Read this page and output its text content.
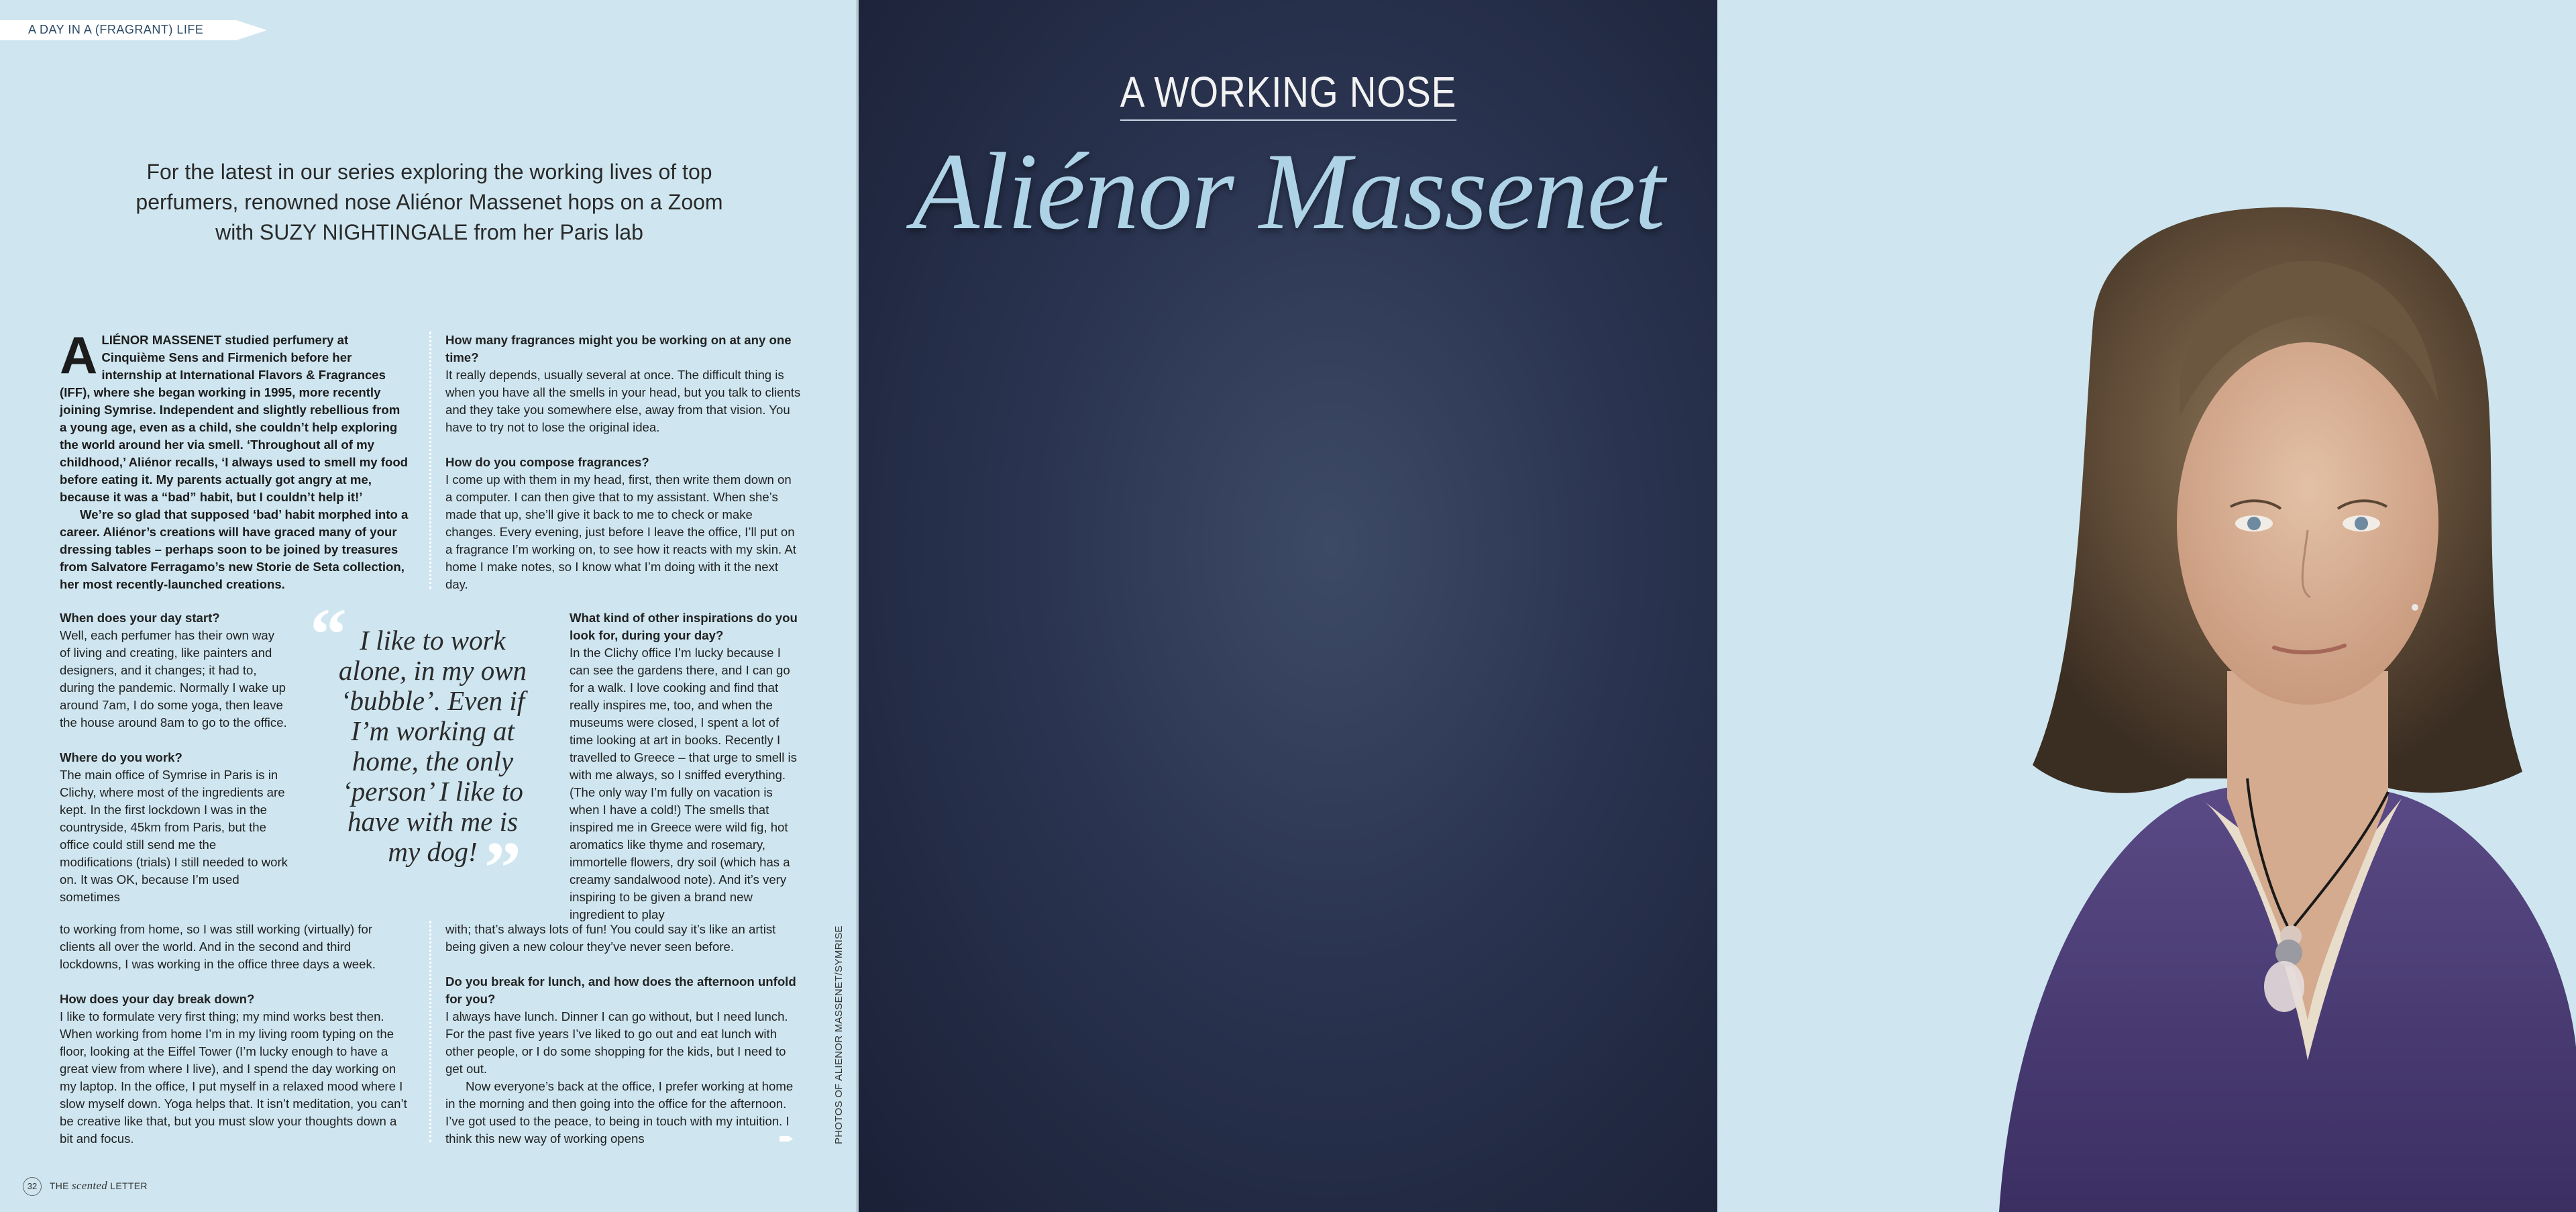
A DAY IN A (FRAGRANT) LIFE
For the latest in our series exploring the working lives of top perfumers, renowned nose Aliénor Massenet hops on a Zoom with SUZY NIGHTINGALE from her Paris lab

ALIÉNOR MASSENET studied perfumery at Cinquième Sens and Firmenich before her internship at International Flavors & Fragrances (IFF), where she began working in 1995, more recently joining Symrise. Independent and slightly rebellious from a young age, even as a child, she couldn’t help exploring the world around her via smell. ‘Throughout all of my childhood,’ Aliénor recalls, ‘I always used to smell my food before eating it. My parents actually got angry at me, because it was a “bad” habit, but I couldn’t help it!’

We’re so glad that supposed ‘bad’ habit morphed into a career. Aliénor’s creations will have graced many of your dressing tables – perhaps soon to be joined by treasures from Salvatore Ferragamo’s new Storie de Seta collection, her most recently-launched creations.

When does your day start?

Well, each perfumer has their own way of living and creating, like painters and designers, and it changes; it had to, during the pandemic. Normally I wake up around 7am, I do some yoga, then leave the house around 8am to go to the office.

Where do you work?

The main office of Symrise in Paris is in Clichy, where most of the ingredients are kept. In the first lockdown I was in the countryside, 45km from Paris, but the office could still send me the modifications (trials) I still needed to work on. It was OK, because I’m used sometimes

to working from home, so I was still working (virtually) for clients all over the world. And in the second and third lockdowns, I was working in the office three days a week.

How does your day break down?

I like to formulate very first thing; my mind works best then. When working from home I’m in my living room typing on the floor, looking at the Eiffel Tower (I’m lucky enough to have a great view from where I live), and I spend the day working on my laptop. In the office, I put myself in a relaxed mood where I slow myself down. Yoga helps that. It isn’t meditation, you can’t be creative like that, but you must slow your thoughts down a bit and focus.

How many fragrances might you be working on at any one time?

It really depends, usually several at once. The difficult thing is when you have all the smells in your head, but you talk to clients and they take you somewhere else, away from that vision. You have to try not to lose the original idea.

How do you compose fragrances?

I come up with them in my head, first, then write them down on a computer. I can then give that to my assistant. When she’s made that up, she’ll give it back to me to check or make changes. Every evening, just before I leave the office, I’ll put on a fragrance I’m working on, to see how it reacts with my skin. At home I make notes, so I know what I’m doing with it the next day.

What kind of other inspirations do you look for, during your day?

In the Clichy office I’m lucky because I can see the gardens there, and I can go for a walk. I love cooking and find that really inspires me, too, and when the museums were closed, I spent a lot of time looking at art in books. Recently I travelled to Greece – that urge to smell is with me always, so I sniffed everything. (The only way I’m fully on vacation is when I have a cold!) The smells that inspired me in Greece were wild fig, hot aromatics like thyme and rosemary, immortelle flowers, dry soil (which has a creamy sandalwood note). And it’s very inspiring to be given a brand new ingredient to play

with; that’s always lots of fun! You could say it’s like an artist being given a new colour they’ve never seen before.

Do you break for lunch, and how does the afternoon unfold for you?

I always have lunch. Dinner I can go without, but I need lunch. For the past five years I’ve liked to go out and eat lunch with other people, or I do some shopping for the kids, but I need to get out.

Now everyone’s back at the office, I prefer working at home in the morning and then going into the office for the afternoon. I’ve got used to the peace, to being in touch with my intuition. I think this new way of working opens

“ I like to work alone, in my own ‘bubble’. Even if I’m working at home, the only ‘person’ I like to have with me is my dog! ”
32 THE scented LETTER
PHOTOS OF ALIENOR MASSENET/SYMRISE
A WORKING NOSE
Aliénor Massenet
